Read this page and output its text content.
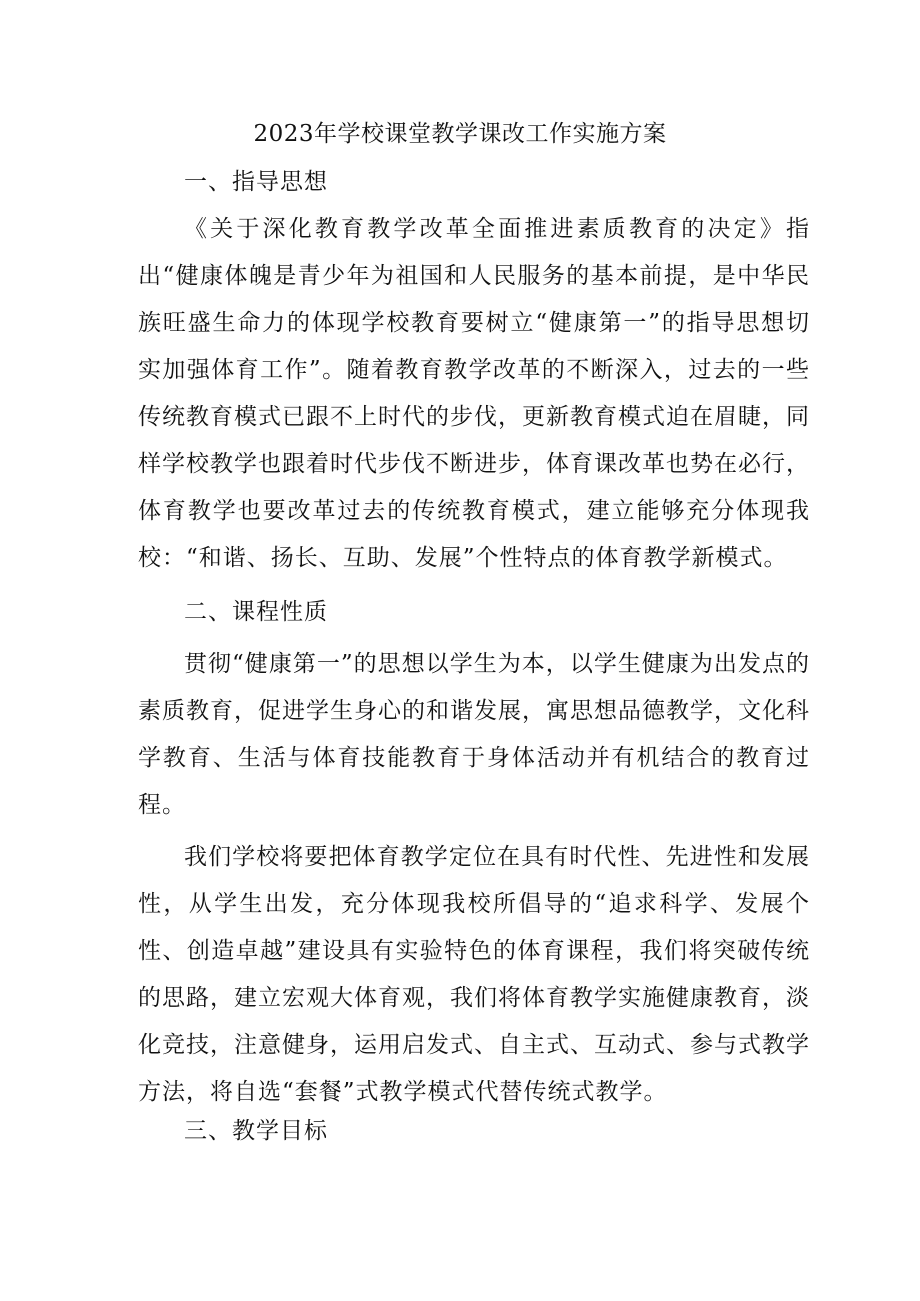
2023年学校课堂教学课改工作实施方案
一、指导思想
《关于深化教育教学改革全面推进素质教育的决定》指出“健康体魄是青少年为祖国和人民服务的基本前提，是中华民族旺盛生命力的体现学校教育要树立“健康第一”的指导思想切实加强体育工作”。随着教育教学改革的不断深入，过去的一些传统教育模式已跟不上时代的步伐，更新教育模式迫在眉睫，同样学校教学也跟着时代步伐不断进步，体育课改革也势在必行，体育教学也要改革过去的传统教育模式，建立能够充分体现我校：“和谐、扬长、互助、发展”个性特点的体育教学新模式。
二、课程性质
贯彻“健康第一”的思想以学生为本，以学生健康为出发点的素质教育，促进学生身心的和谐发展，寓思想品德教学，文化科学教育、生活与体育技能教育于身体活动并有机结合的教育过程。
我们学校将要把体育教学定位在具有时代性、先进性和发展性，从学生出发，充分体现我校所倡导的“追求科学、发展个性、创造卓越”建设具有实验特色的体育课程，我们将突破传统的思路，建立宏观大体育观，我们将体育教学实施健康教育，淡化竞技，注意健身，运用启发式、自主式、互动式、参与式教学方法，将自选“套餐”式教学模式代替传统式教学。
三、教学目标
